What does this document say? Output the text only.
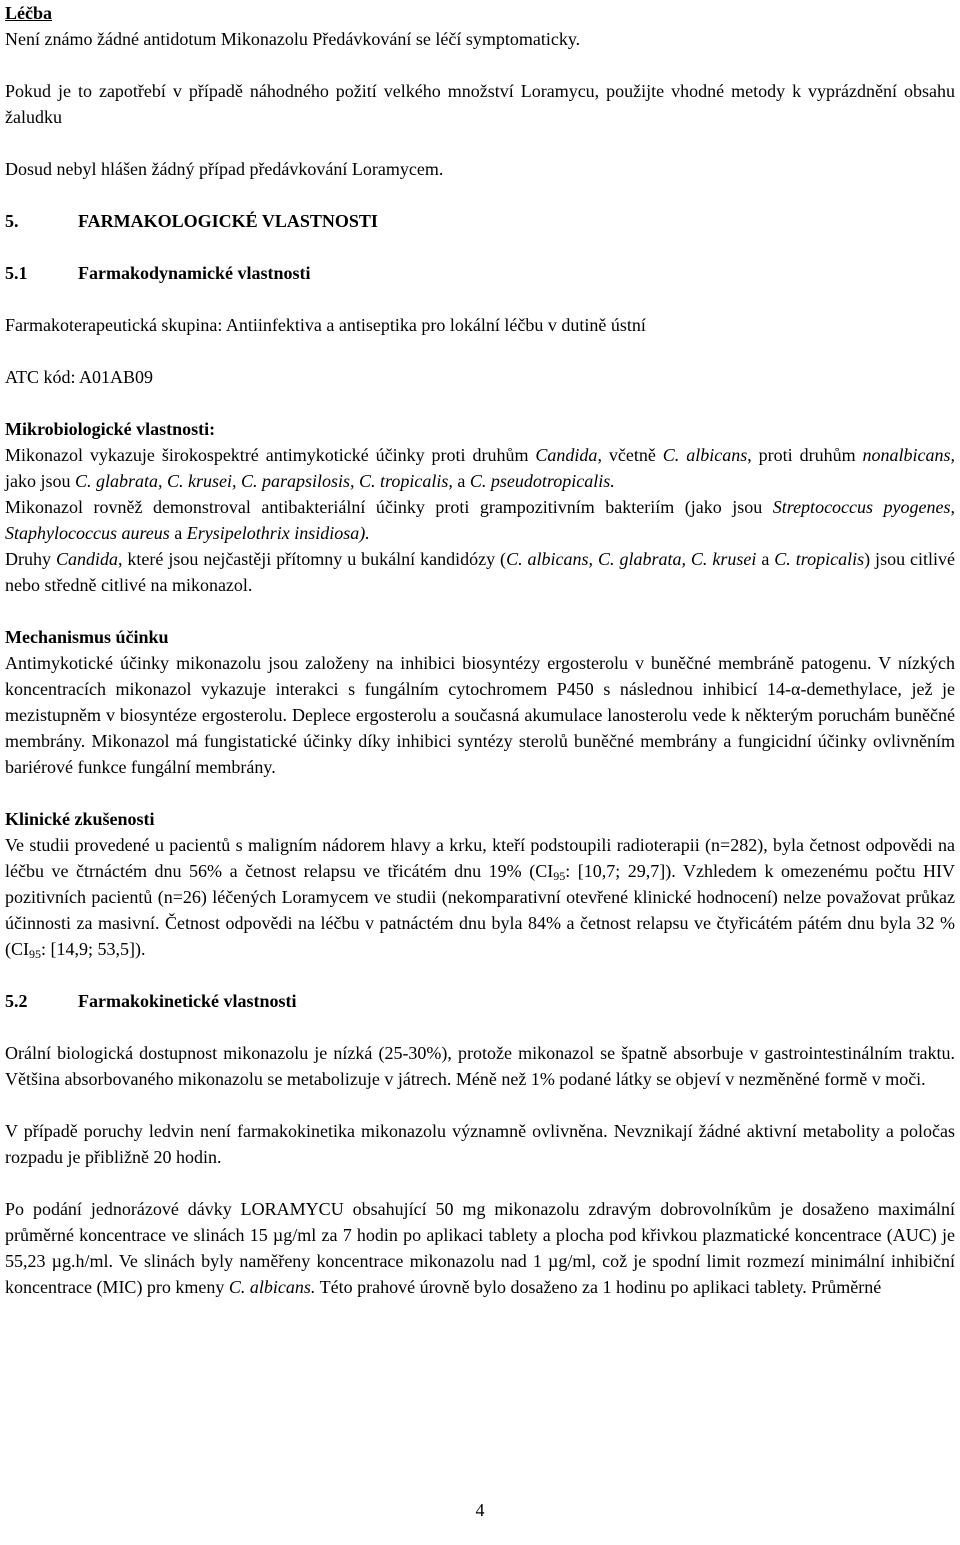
Léčba

Není známo žádné antidotum Mikonazolu Předávkování se léčí symptomaticky.

Pokud je to zapotřebí v případě náhodného požití velkého množství Loramycu, použijte vhodné metody k vyprázdnění obsahu žaludku

Dosud nebyl hlášen žádný případ předávkování Loramycem.

5.	FARMAKOLOGICKÉ VLASTNOSTI
5.1	Farmakodynamické vlastnosti

Farmakoterapeutická skupina: Antiinfektiva a antiseptika pro lokální léčbu v dutině ústní

ATC kód: A01AB09

Mikrobiologické vlastnosti:

Mikonazol vykazuje širokospektré antimykotické účinky proti druhům Candida, včetně C. albicans, proti druhům nonalbicans, jako jsou C. glabrata, C. krusei, C. parapsilosis, C. tropicalis, a C. pseudotropicalis.

Mikonazol rovněž demonstroval antibakteriální účinky proti grampozitivním bakteriím (jako jsou Streptococcus pyogenes, Staphylococcus aureus a Erysipelothrix insidiosa).

Druhy Candida, které jsou nejčastěji přítomny u bukální kandidózy (C. albicans, C. glabrata, C. krusei a C. tropicalis) jsou citlivé nebo středně citlivé na mikonazol.

Mechanismus účinku

Antimykotické účinky mikonazolu jsou založeny na inhibici biosyntézy ergosterolu v buněčné membráně patogenu. V nízkých koncentracích mikonazol vykazuje interakci s fungálním cytochromem P450 s následnou inhibicí 14-α-demethylace, jež je mezistupněm v biosyntéze ergosterolu. Deplece ergosterolu a současná akumulace lanosterolu vede k některým poruchám buněčné membrány. Mikonazol má fungistatické účinky díky inhibici syntézy sterolů buněčné membrány a fungicidní účinky ovlivněním bariérové funkce fungální membrány.

Klinické zkušenosti

Ve studii provedené u pacientů s maligním nádorem hlavy a krku, kteří podstoupili radioterapii (n=282), byla četnost odpovědi na léčbu ve čtrnáctém dnu 56% a četnost relapsu ve třicátém dnu 19% ($CI_{95}$: [10,7; 29,7]). Vzhledem k omezenému počtu HIV pozitivních pacientů (n=26) léčených Loramycem ve studii (nekomparativní otevřené klinické hodnocení) nelze považovat průkaz účinnosti za masivní. Četnost odpovědi na léčbu v patnáctém dnu byla 84% a četnost relapsu ve čtyřicátém pátém dnu byla 32 % ($CI_{95}$: [14,9; 53,5]).

5.2	Farmakokinetické vlastnosti

Orální biologická dostupnost mikonazolu je nízká (25-30%), protože mikonazol se špatně absorbuje v gastrointestinálním traktu. Většina absorbovaného mikonazolu se metabolizuje v játrech. Méně než 1% podané látky se objeví v nezměněné formě v moči.

V případě poruchy ledvin není farmakokinetika mikonazolu významně ovlivněna. Nevznikají žádné aktivní metabolity a poločas rozpadu je přibližně 20 hodin.

Po podání jednorázové dávky LORAMYCU obsahující 50 mg mikonazolu zdravým dobrovolníkům je dosaženo maximální průměrné koncentrace ve slinách 15 µg/ml za 7 hodin po aplikaci tablety a plocha pod křivkou plazmatické koncentrace (AUC) je 55,23 µg.h/ml. Ve slinách byly naměřeny koncentrace mikonazolu nad 1 µg/ml, což je spodní limit rozmezí minimální inhibiční koncentrace (MIC) pro kmeny C. albicans. Této prahové úrovně bylo dosaženo za 1 hodinu po aplikaci tablety. Průměrné

4
